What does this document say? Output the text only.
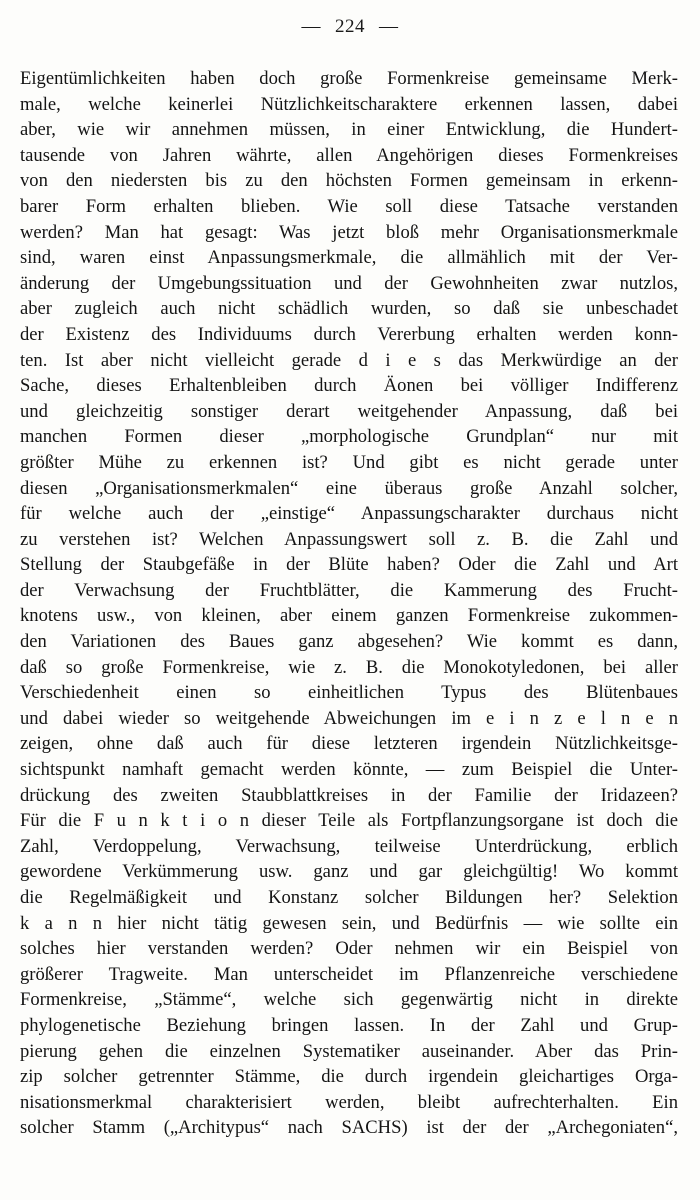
— 224 —
Eigentümlichkeiten haben doch große Formenkreise gemeinsame Merk-
male, welche keinerlei Nützlichkeitscharaktere erkennen lassen, dabei
aber, wie wir annehmen müssen, in einer Entwicklung, die Hundert-
tausende von Jahren währte, allen Angehörigen dieses Formenkreises
von den niedersten bis zu den höchsten Formen gemeinsam in erkenn-
barer Form erhalten blieben. Wie soll diese Tatsache verstanden
werden? Man hat gesagt: Was jetzt bloß mehr Organisationsmerkmale
sind, waren einst Anpassungsmerkmale, die allmählich mit der Ver-
änderung der Umgebungssituation und der Gewohnheiten zwar nutzlos,
aber zugleich auch nicht schädlich wurden, so daß sie unbeschadet
der Existenz des Individuums durch Vererbung erhalten werden konn-
ten. Ist aber nicht vielleicht gerade d i e s das Merkwürdige an der
Sache, dieses Erhaltenbleiben durch Äonen bei völliger Indifferenz
und gleichzeitig sonstiger derart weitgehender Anpassung, daß bei
manchen Formen dieser „morphologische Grundplan“ nur mit
größter Mühe zu erkennen ist? Und gibt es nicht gerade unter
diesen „Organisationsmerkmalen“ eine überaus große Anzahl solcher,
für welche auch der „einstige“ Anpassungscharakter durchaus nicht
zu verstehen ist? Welchen Anpassungswert soll z. B. die Zahl und
Stellung der Staubgefäße in der Blüte haben? Oder die Zahl und Art
der Verwachsung der Fruchtblätter, die Kammerung des Frucht-
knotens usw., von kleinen, aber einem ganzen Formenkreise zukommen-
den Variationen des Baues ganz abgesehen? Wie kommt es dann,
daß so große Formenkreise, wie z. B. die Monokotyledonen, bei aller
Verschiedenheit einen so einheitlichen Typus des Blütenbaues
und dabei wieder so weitgehende Abweichungen im e i n z e l n e n
zeigen, ohne daß auch für diese letzteren irgendein Nützlichkeitsge-
sichtspunkt namhaft gemacht werden könnte, — zum Beispiel die Unter-
drückung des zweiten Staubblattkreises in der Familie der Iridazeen?
Für die F u n k t i o n dieser Teile als Fortpflanzungsorgane ist doch die
Zahl, Verdoppelung, Verwachsung, teilweise Unterdrückung, erblich
gewordene Verkümmerung usw. ganz und gar gleichgültig! Wo kommt
die Regelmäßigkeit und Konstanz solcher Bildungen her? Selektion
k a n n hier nicht tätig gewesen sein, und Bedürfnis — wie sollte ein
solches hier verstanden werden? Oder nehmen wir ein Beispiel von
größerer Tragweite. Man unterscheidet im Pflanzenreiche verschiedene
Formenkreise, „Stämme“, welche sich gegenwärtig nicht in direkte
phylogenetische Beziehung bringen lassen. In der Zahl und Grup-
pierung gehen die einzelnen Systematiker auseinander. Aber das Prin-
zip solcher getrennter Stämme, die durch irgendein gleichartiges Orga-
nisationsmerkmal charakterisiert werden, bleibt aufrechterhalten. Ein
solcher Stamm („Architypus“ nach SACHS) ist der der „Archegoniaten“,
